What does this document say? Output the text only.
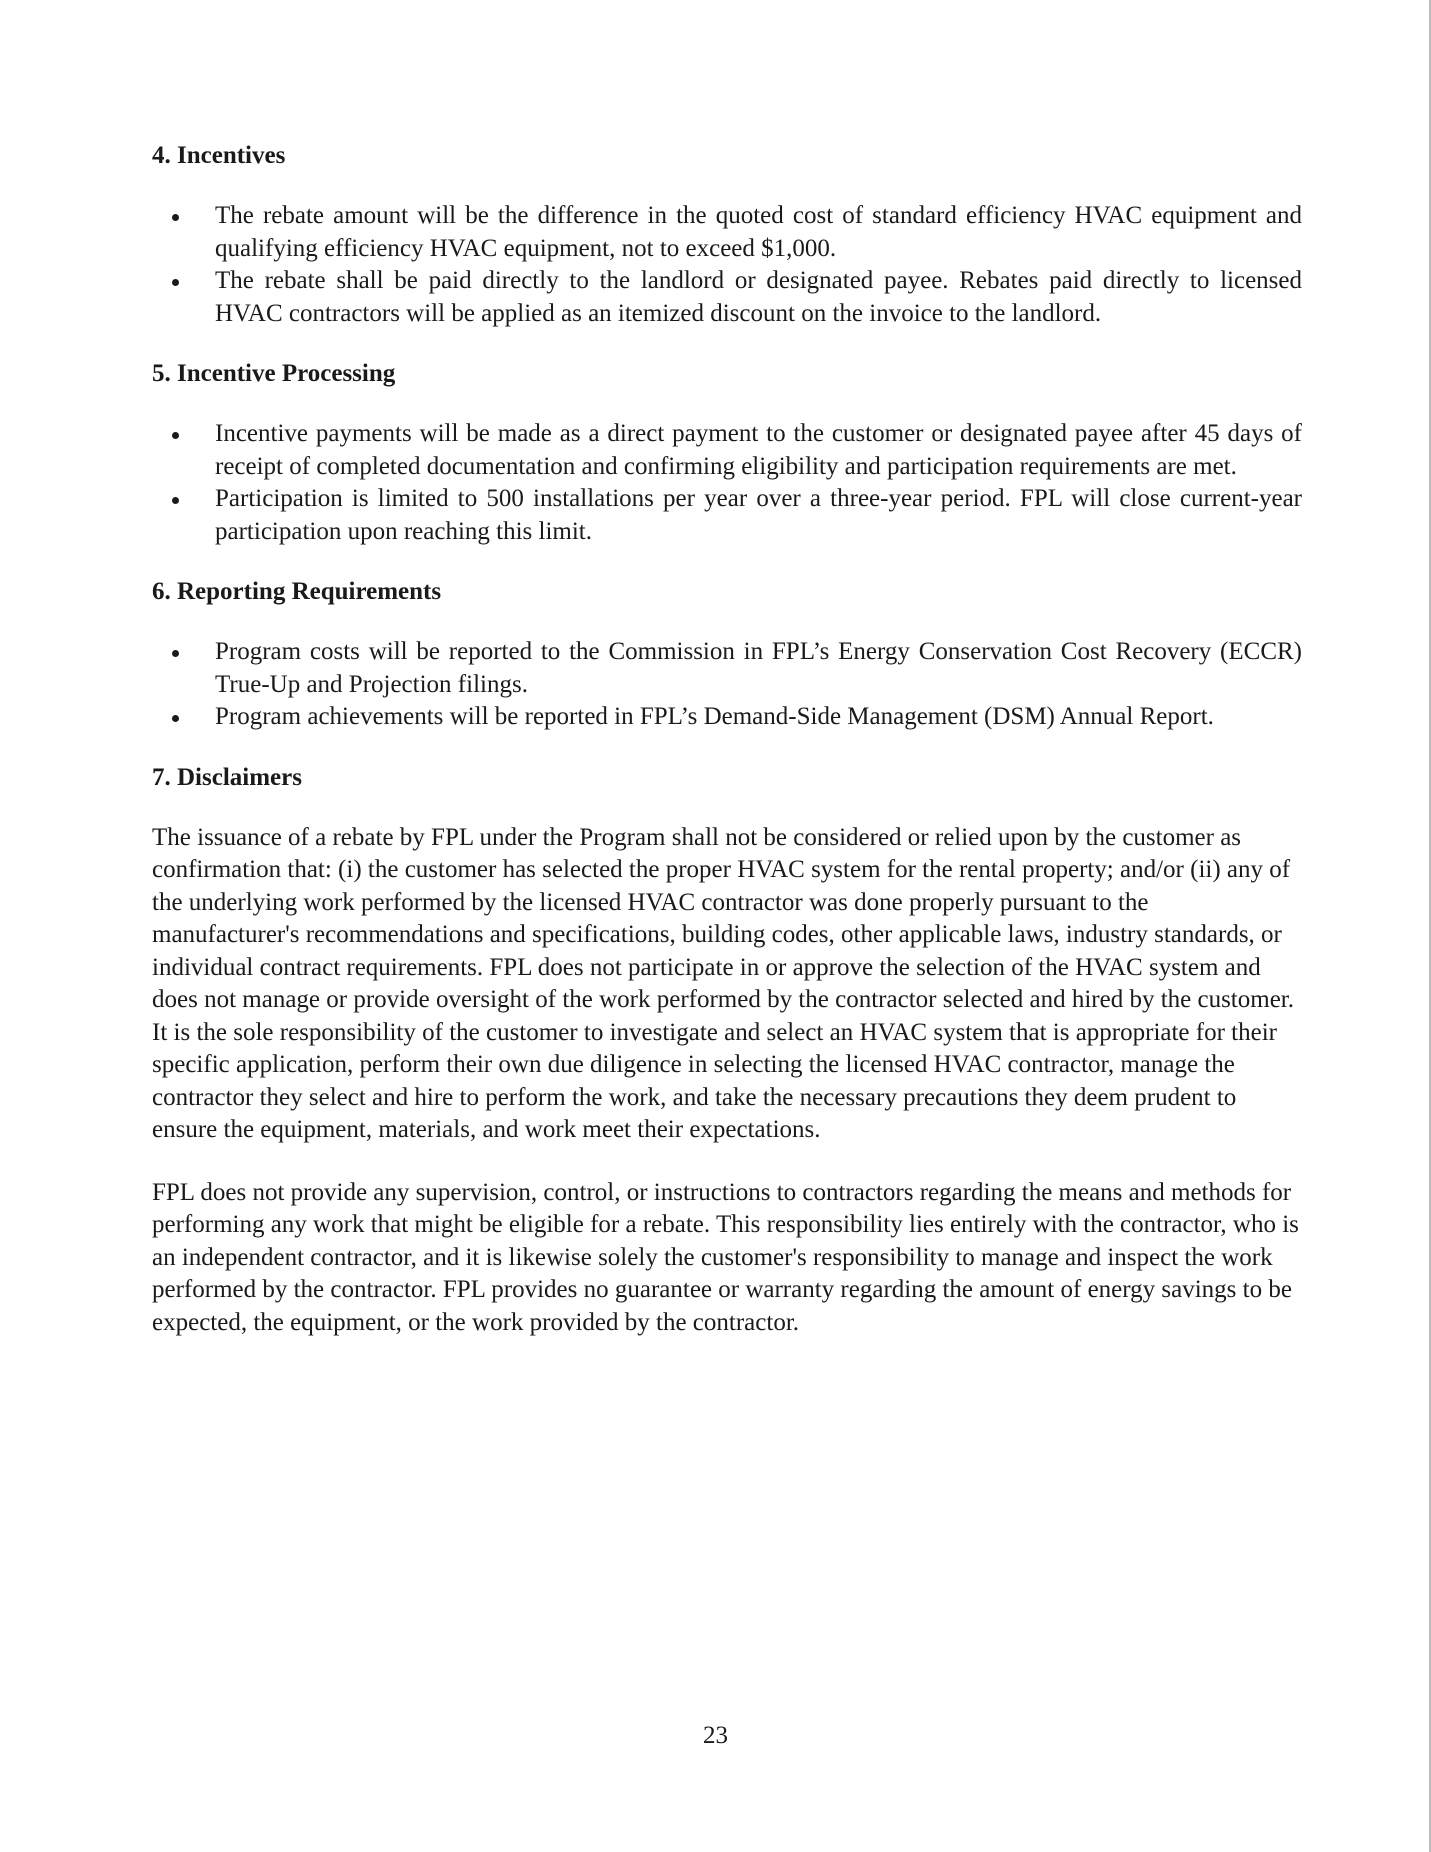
4. Incentives
The rebate amount will be the difference in the quoted cost of standard efficiency HVAC equipment and qualifying efficiency HVAC equipment, not to exceed $1,000.
The rebate shall be paid directly to the landlord or designated payee. Rebates paid directly to licensed HVAC contractors will be applied as an itemized discount on the invoice to the landlord.
5. Incentive Processing
Incentive payments will be made as a direct payment to the customer or designated payee after 45 days of receipt of completed documentation and confirming eligibility and participation requirements are met.
Participation is limited to 500 installations per year over a three-year period. FPL will close current-year participation upon reaching this limit.
6. Reporting Requirements
Program costs will be reported to the Commission in FPL’s Energy Conservation Cost Recovery (ECCR) True-Up and Projection filings.
Program achievements will be reported in FPL’s Demand-Side Management (DSM) Annual Report.
7. Disclaimers

The issuance of a rebate by FPL under the Program shall not be considered or relied upon by the customer as confirmation that: (i) the customer has selected the proper HVAC system for the rental property; and/or (ii) any of the underlying work performed by the licensed HVAC contractor was done properly pursuant to the manufacturer's recommendations and specifications, building codes, other applicable laws, industry standards, or individual contract requirements. FPL does not participate in or approve the selection of the HVAC system and does not manage or provide oversight of the work performed by the contractor selected and hired by the customer. It is the sole responsibility of the customer to investigate and select an HVAC system that is appropriate for their specific application, perform their own due diligence in selecting the licensed HVAC contractor, manage the contractor they select and hire to perform the work, and take the necessary precautions they deem prudent to ensure the equipment, materials, and work meet their expectations.

FPL does not provide any supervision, control, or instructions to contractors regarding the means and methods for performing any work that might be eligible for a rebate. This responsibility lies entirely with the contractor, who is an independent contractor, and it is likewise solely the customer's responsibility to manage and inspect the work performed by the contractor. FPL provides no guarantee or warranty regarding the amount of energy savings to be expected, the equipment, or the work provided by the contractor.

23
